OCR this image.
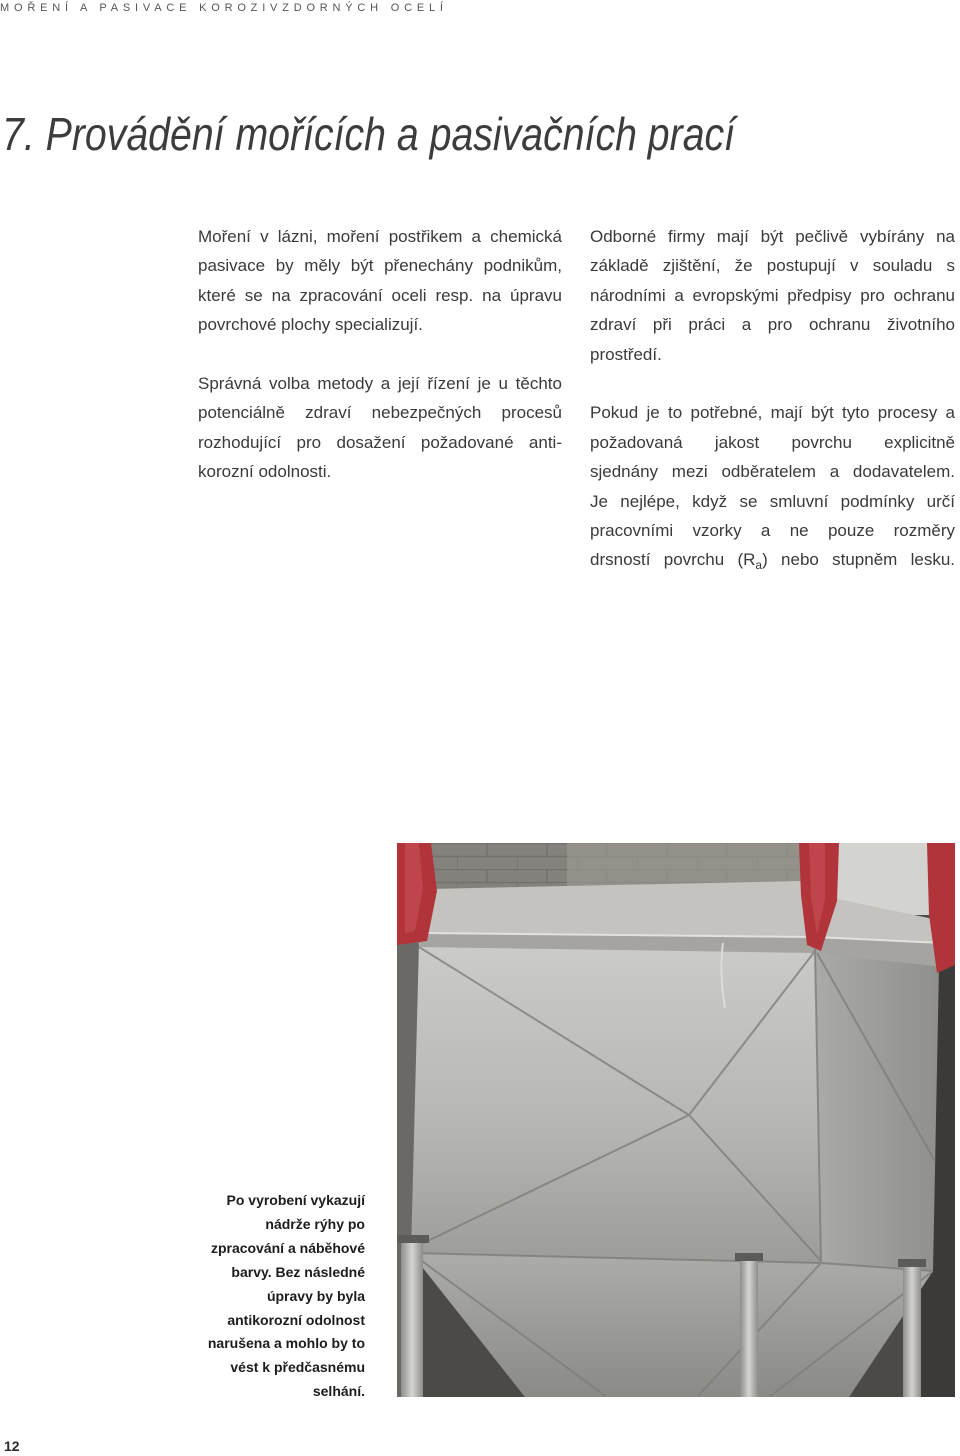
MOŘENÍ A PASIVACE KOROZIVZDORNÝCH OCELÍ
7. Provádění mořících a pasivačních prací
Moření v lázni, moření postřikem a chemická
pasivace by měly být přenechány podnikům,
které se na zpracování oceli resp. na úpravu
povrchové plochy specializují.
Správná volba metody a její řízení je u těchto
potenciálně zdraví nebezpečných procesů
rozhodující pro dosažení požadované anti-
korozní odolnosti.
Odborné firmy mají být pečlivě vybírány na
základě zjištění, že postupují v souladu s
národními a evropskými předpisy pro ochranu
zdraví při práci a pro ochranu životního
prostředí.
Pokud je to potřebné, mají být tyto procesy a
požadovaná jakost povrchu explicitně
sjednány mezi odběratelem a dodavatelem.
Je nejlépe, když se smluvní podmínky určí
pracovními vzorky a ne pouze rozměry
drsností povrchu $(R_a)$ nebo stupněm lesku.
Po vyrobení vykazují
nádrže rýhy po
zpracování a náběhové
barvy. Bez následné
úpravy by byla
antikorozní odolnost
narušena a mohlo by to
vést k předčasnému
selhání.
12
